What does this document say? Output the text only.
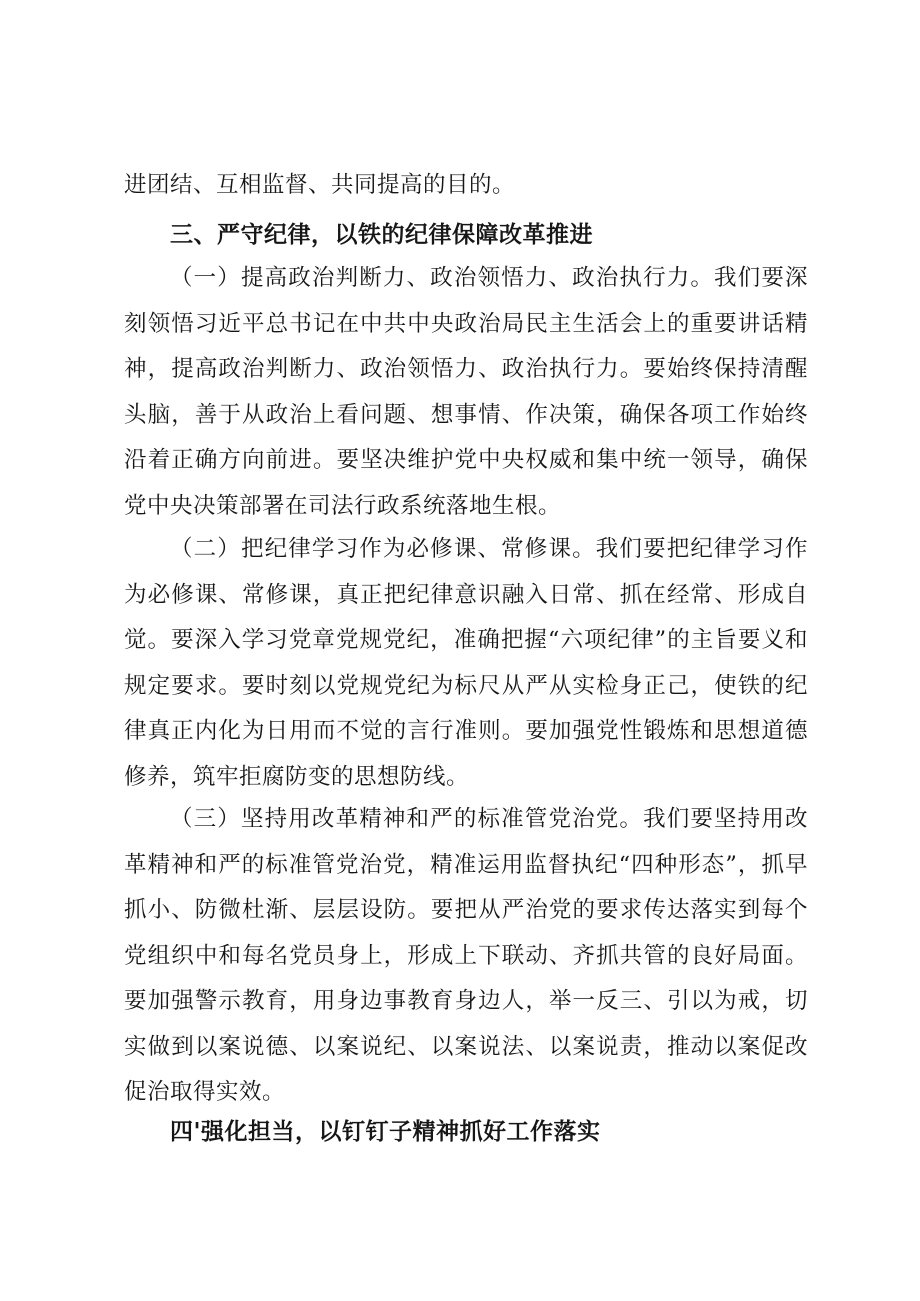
进团结、互相监督、共同提高的目的。
三、严守纪律，以铁的纪律保障改革推进
（一）提高政治判断力、政治领悟力、政治执行力。我们要深刻领悟习近平总书记在中共中央政治局民主生活会上的重要讲话精神，提高政治判断力、政治领悟力、政治执行力。要始终保持清醒头脑，善于从政治上看问题、想事情、作决策，确保各项工作始终沿着正确方向前进。要坚决维护党中央权威和集中统一领导，确保党中央决策部署在司法行政系统落地生根。
（二）把纪律学习作为必修课、常修课。我们要把纪律学习作为必修课、常修课，真正把纪律意识融入日常、抓在经常、形成自觉。要深入学习党章党规党纪，准确把握“六项纪律”的主旨要义和规定要求。要时刻以党规党纪为标尺从严从实检身正己，使铁的纪律真正内化为日用而不觉的言行准则。要加强党性锻炼和思想道德修养，筑牢拒腐防变的思想防线。
（三）坚持用改革精神和严的标准管党治党。我们要坚持用改革精神和严的标准管党治党，精准运用监督执纪“四种形态”，抓早抓小、防微杜渐、层层设防。要把从严治党的要求传达落实到每个党组织中和每名党员身上，形成上下联动、齐抓共管的良好局面。要加强警示教育，用身边事教育身边人，举一反三、引以为戒，切实做到以案说德、以案说纪、以案说法、以案说责，推动以案促改促治取得实效。
四'强化担当，以钉钉子精神抓好工作落实
